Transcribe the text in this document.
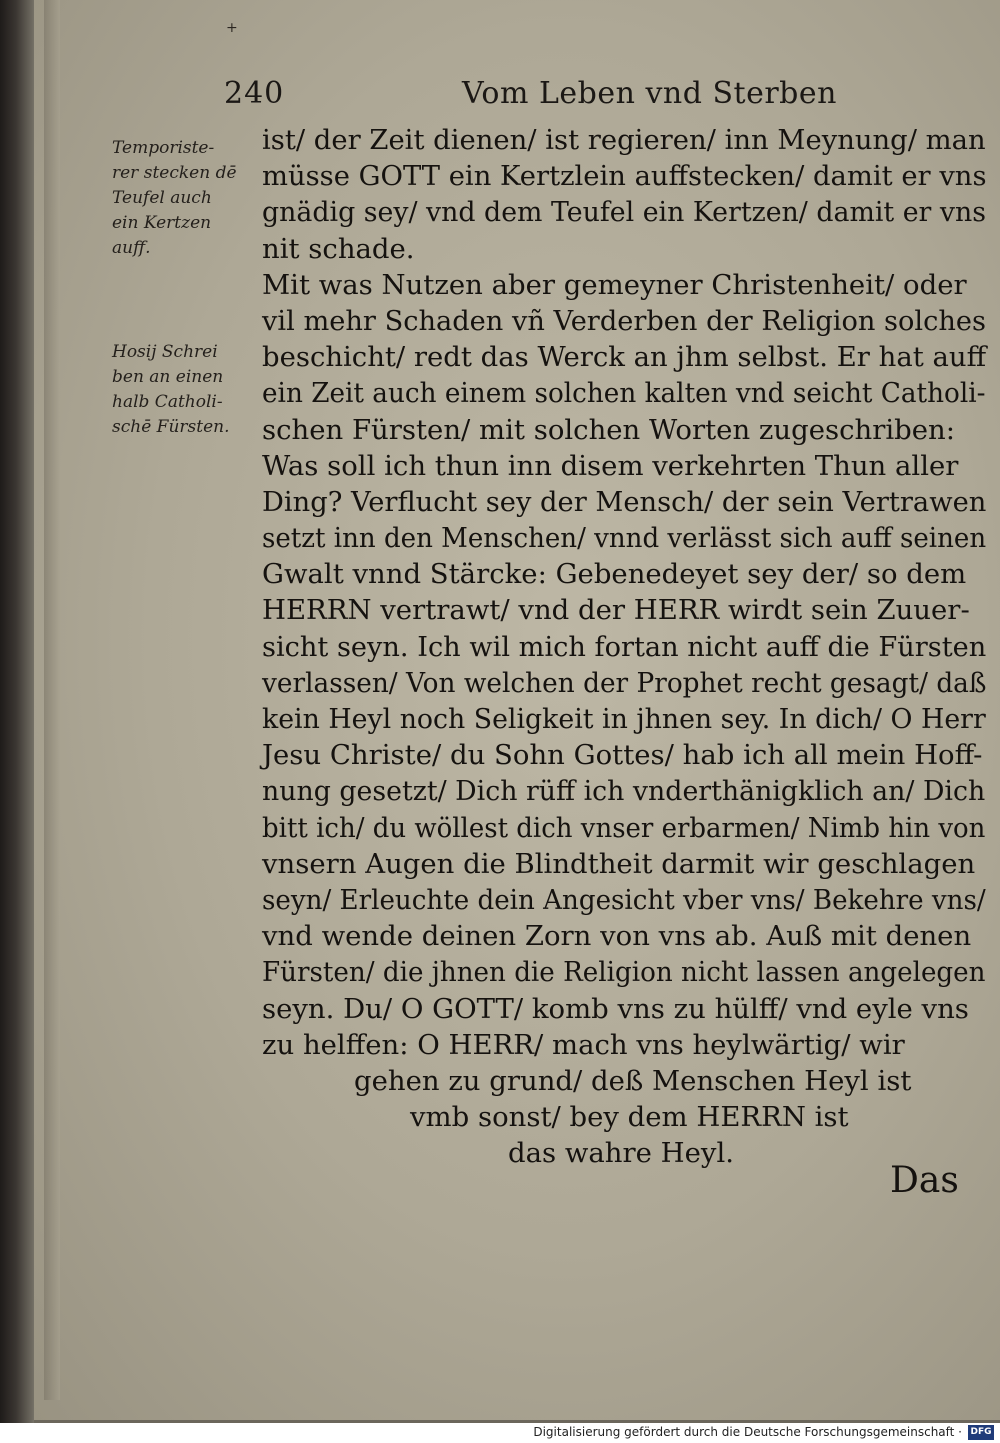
+
240	Vom Leben vnd Sterben
Temporiste-
rer stecken dē
Teufel auch
ein Kertzen
auff.
Hosij Schrei
ben an einen
halb Catholi-
schē Fürsten.
ist/ der Zeit dienen/ ist regieren/ inn Meynung/ man
müsse GOTT ein Kertzlein auffstecken/ damit er vns
gnädig sey/ vnd dem Teufel ein Kertzen/ damit er vns
nit schade.
Mit was Nutzen aber gemeyner Christenheit/ oder
vil mehr Schaden vñ Verderben der Religion solches
beschicht/ redt das Werck an jhm selbst. Er hat auff
ein Zeit auch einem solchen kalten vnd seicht Catholi-
schen Fürsten/ mit solchen Worten zugeschriben:
Was soll ich thun inn disem verkehrten Thun aller
Ding? Verflucht sey der Mensch/ der sein Vertrawen
setzt inn den Menschen/ vnnd verlässt sich auff seinen
Gwalt vnnd Stärcke: Gebenedeyet sey der/ so dem
HERRN vertrawt/ vnd der HERR wirdt sein Zuuer-
sicht seyn. Ich wil mich fortan nicht auff die Fürsten
verlassen/ Von welchen der Prophet recht gesagt/ daß
kein Heyl noch Seligkeit in jhnen sey. In dich/ O Herr
Jesu Christe/ du Sohn Gottes/ hab ich all mein Hoff-
nung gesetzt/ Dich rüff ich vnderthänigklich an/ Dich
bitt ich/ du wöllest dich vnser erbarmen/ Nimb hin von
vnsern Augen die Blindtheit darmit wir geschlagen
seyn/ Erleuchte dein Angesicht vber vns/ Bekehre vns/
vnd wende deinen Zorn von vns ab. Auß mit denen
Fürsten/ die jhnen die Religion nicht lassen angelegen
seyn. Du/ O GOTT/ komb vns zu hülff/ vnd eyle vns
zu helffen: O HERR/ mach vns heylwärtig/ wir
gehen zu grund/ deß Menschen Heyl ist
vmb sonst/ bey dem HERRN ist
das wahre Heyl.
Das
Digitalisierung gefördert durch die Deutsche Forschungsgemeinschaft · DFG
